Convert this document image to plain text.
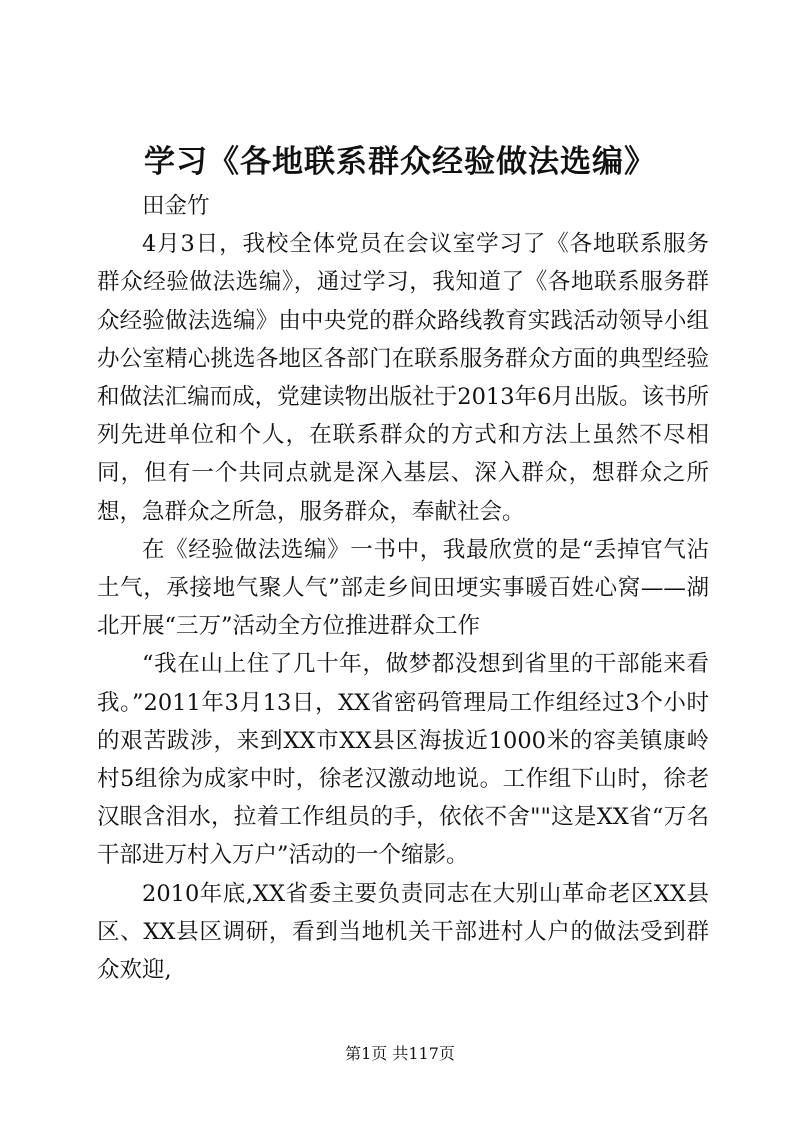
学习《各地联系群众经验做法选编》

田金竹

4月3日，我校全体党员在会议室学习了《各地联系服务群众经验做法选编》，通过学习，我知道了《各地联系服务群众经验做法选编》由中央党的群众路线教育实践活动领导小组办公室精心挑选各地区各部门在联系服务群众方面的典型经验和做法汇编而成，党建读物出版社于2013年6月出版。该书所列先进单位和个人，在联系群众的方式和方法上虽然不尽相同，但有一个共同点就是深入基层、深入群众，想群众之所想，急群众之所急，服务群众，奉献社会。

在《经验做法选编》一书中，我最欣赏的是“丢掉官气沾土气，承接地气聚人气”部走乡间田埂实事暖百姓心窝——湖北开展“三万”活动全方位推进群众工作

“我在山上住了几十年，做梦都没想到省里的干部能来看我。”2011年3月13日，XX省密码管理局工作组经过3个小时的艰苦跋涉，来到XX市XX县区海拔近1000米的容美镇康岭村5组徐为成家中时，徐老汉激动地说。工作组下山时，徐老汉眼含泪水，拉着工作组员的手，依依不舍""这是XX省“万名干部进万村入万户”活动的一个缩影。

2010年底,XX省委主要负责同志在大别山革命老区XX县区、XX县区调研，看到当地机关干部进村人户的做法受到群众欢迎,

第1页 共117页
